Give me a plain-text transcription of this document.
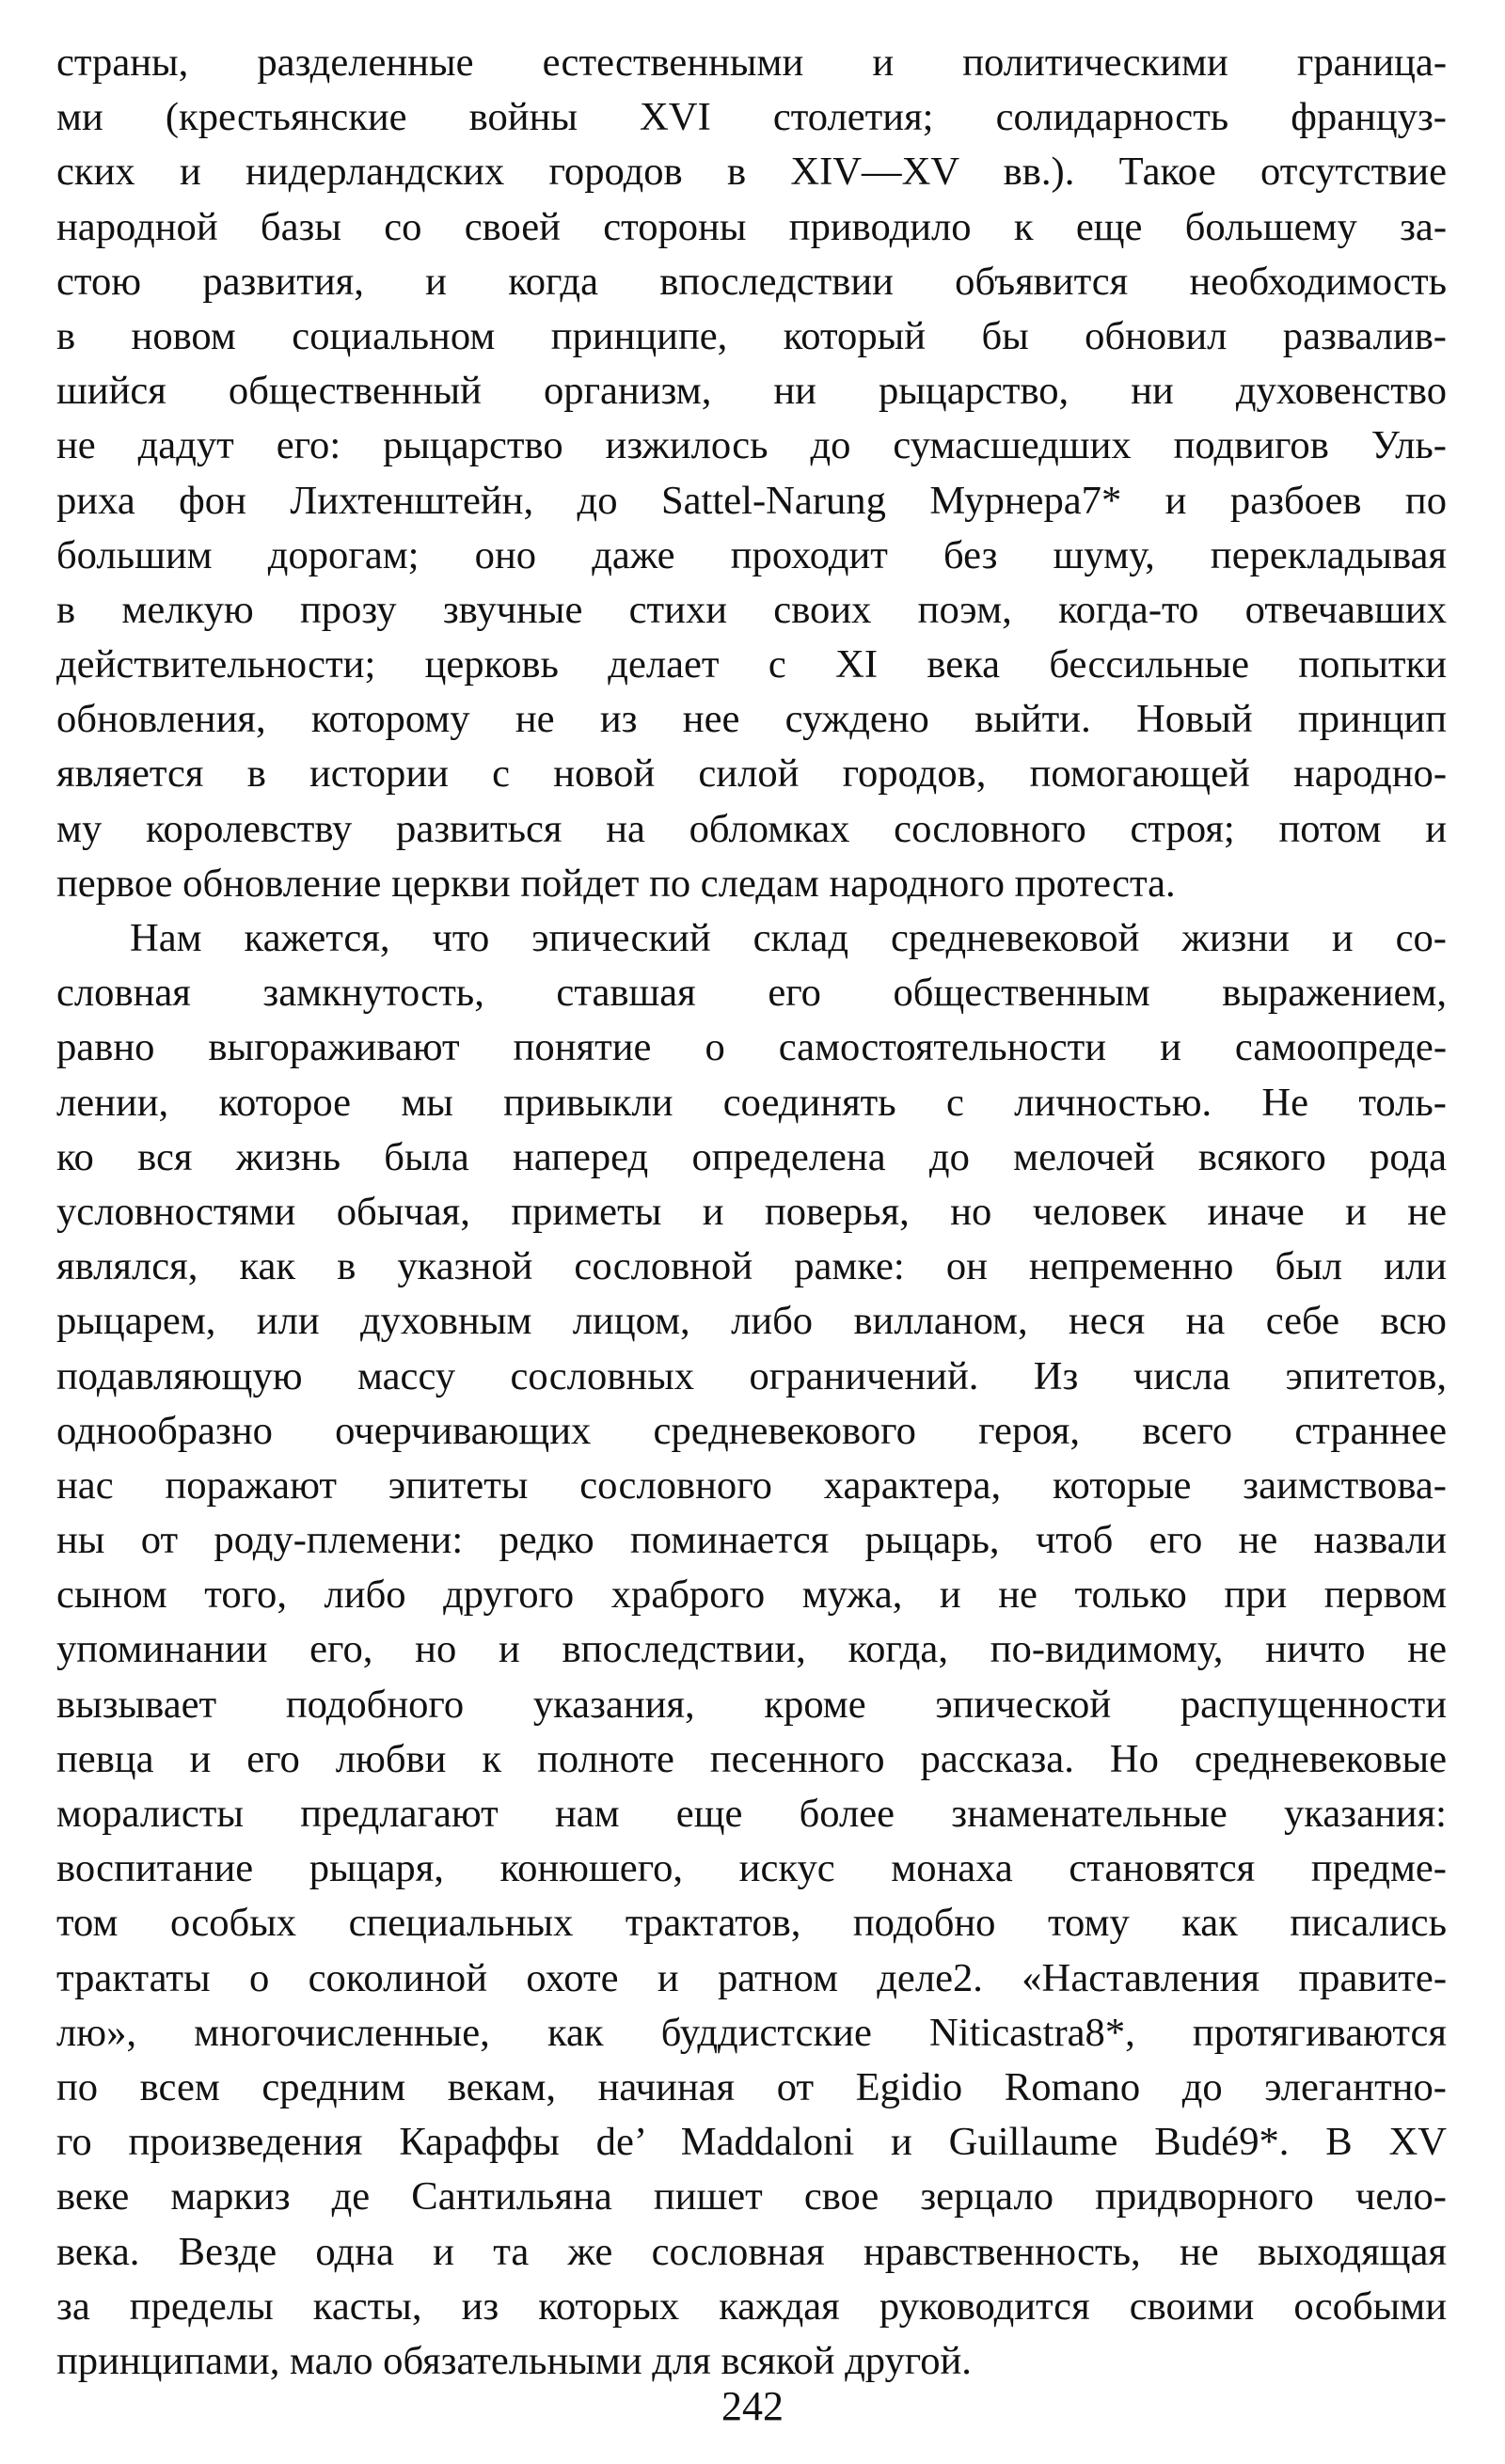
страны, разделенные естественными и политическими граница-
ми (крестьянские войны XVI столетия; солидарность француз-
ских и нидерландских городов в XIV—XV вв.). Такое отсутствие
народной базы со своей стороны приводило к еще большему за-
стою развития, и когда впоследствии объявится необходимость
в новом социальном принципе, который бы обновил развалив-
шийся общественный организм, ни рыцарство, ни духовенство
не дадут его: рыцарство изжилось до сумасшедших подвигов Уль-
риха фон Лихтенштейн, до Sattel-Narung Мурнера7* и разбоев по
большим дорогам; оно даже проходит без шуму, перекладывая
в мелкую прозу звучные стихи своих поэм, когда-то отвечавших
действительности; церковь делает с XI века бессильные попытки
обновления, которому не из нее суждено выйти. Новый принцип
является в истории с новой силой городов, помогающей народно-
му королевству развиться на обломках сословного строя; потом и
первое обновление церкви пойдет по следам народного протеста.
Нам кажется, что эпический склад средневековой жизни и со-
словная замкнутость, ставшая его общественным выражением,
равно выгораживают понятие о самостоятельности и самоопреде-
лении, которое мы привыкли соединять с личностью. Не толь-
ко вся жизнь была наперед определена до мелочей всякого рода
условностями обычая, приметы и поверья, но человек иначе и не
являлся, как в указной сословной рамке: он непременно был или
рыцарем, или духовным лицом, либо вилланом, неся на себе всю
подавляющую массу сословных ограничений. Из числа эпитетов,
однообразно очерчивающих средневекового героя, всего страннее
нас поражают эпитеты сословного характера, которые заимствова-
ны от роду-племени: редко поминается рыцарь, чтоб его не назвали
сыном того, либо другого храброго мужа, и не только при первом
упоминании его, но и впоследствии, когда, по-видимому, ничто не
вызывает подобного указания, кроме эпической распущенности
певца и его любви к полноте песенного рассказа. Но средневековые
моралисты предлагают нам еще более знаменательные указания:
воспитание рыцаря, конюшего, искус монаха становятся предме-
том особых специальных трактатов, подобно тому как писались
трактаты о соколиной охоте и ратном деле2. «Наставления правите-
лю», многочисленные, как буддистские Niticastra8*, протягиваются
по всем средним векам, начиная от Egidio Romano до элегантно-
го произведения Караффы de’ Maddaloni и Guillaume Budé9*. В XV
веке маркиз де Сантильяна пишет свое зерцало придворного чело-
века. Везде одна и та же сословная нравственность, не выходящая
за пределы касты, из которых каждая руководится своими особыми
принципами, мало обязательными для всякой другой.
242
